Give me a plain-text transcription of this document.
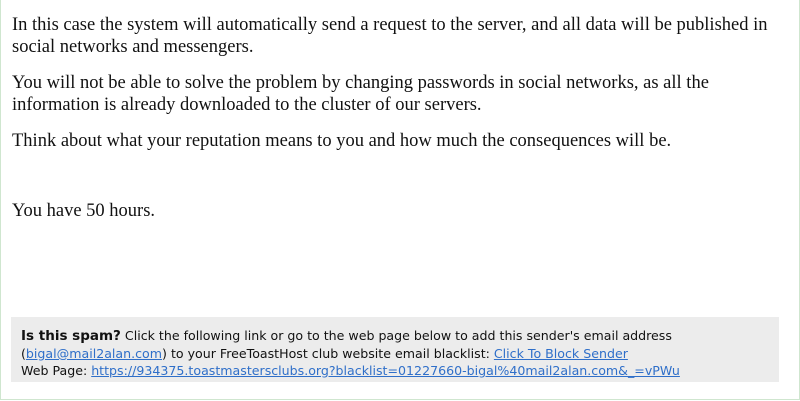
In this case the system will automatically send a request to the server, and all data will be published in social networks and messengers.

You will not be able to solve the problem by changing passwords in social networks, as all the information is already downloaded to the cluster of our servers.

Think about what your reputation means to you and how much the consequences will be.

You have 50 hours.

Is this spam? Click the following link or go to the web page below to add this sender's email address
(bigal@mail2alan.com) to your FreeToastHost club website email blacklist: Click To Block Sender
Web Page: https://934375.toastmastersclubs.org?blacklist=01227660-bigal%40mail2alan.com&_=vPWu
